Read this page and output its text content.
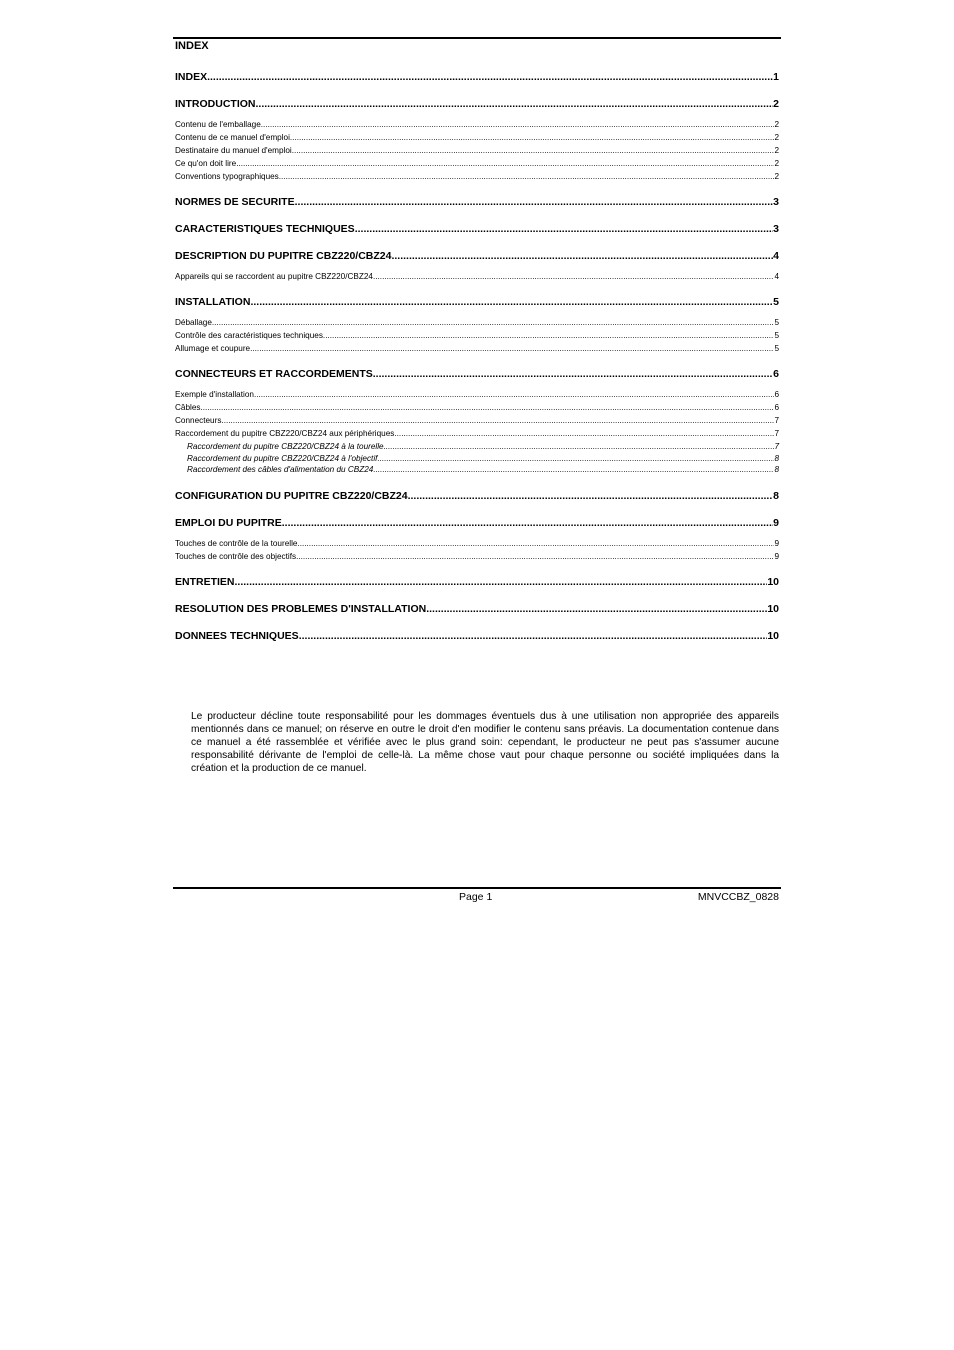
INDEX
INDEX .....	1
INTRODUCTION .....	2
Contenu de l'emballage .....	2
Contenu de ce manuel d'emploi .....	2
Destinataire du manuel d'emploi .....	2
Ce qu'on doit lire .....	2
Conventions typographiques .....	2
NORMES DE SECURITE .....	3
CARACTERISTIQUES TECHNIQUES .....	3
DESCRIPTION DU PUPITRE CBZ220/CBZ24 .....	4
Appareils qui se raccordent au pupitre CBZ220/CBZ24 .....	4
INSTALLATION .....	5
Déballage .....	5
Contrôle des caractéristiques techniques .....	5
Allumage et coupure .....	5
CONNECTEURS ET RACCORDEMENTS .....	6
Exemple d'installation .....	6
Câbles .....	6
Connecteurs .....	7
Raccordement du pupitre CBZ220/CBZ24 aux périphériques .....	7
Raccordement du pupitre CBZ220/CBZ24 à la tourelle .....	7
Raccordement du pupitre CBZ220/CBZ24 à l'objectif .....	8
Raccordement des câbles d'alimentation du CBZ24 .....	8
CONFIGURATION DU PUPITRE CBZ220/CBZ24 .....	8
EMPLOI DU PUPITRE .....	9
Touches de contrôle de la tourelle .....	9
Touches de contrôle des objectifs .....	9
ENTRETIEN .....	10
RESOLUTION DES PROBLEMES D'INSTALLATION .....	10
DONNEES TECHNIQUES .....	10
Le producteur décline toute responsabilité pour les dommages éventuels dus à une utilisation non appropriée des appareils mentionnés dans ce manuel; on réserve en outre le droit d'en modifier le contenu sans préavis. La documentation contenue dans ce manuel a été rassemblée et vérifiée avec le plus grand soin: cependant, le producteur ne peut pas s'assumer aucune responsabilité dérivante de l'emploi de celle-là. La même chose vaut pour chaque personne ou société impliquées dans la création et la production de ce manuel.
Page 1	MNVCCBZ_0828
